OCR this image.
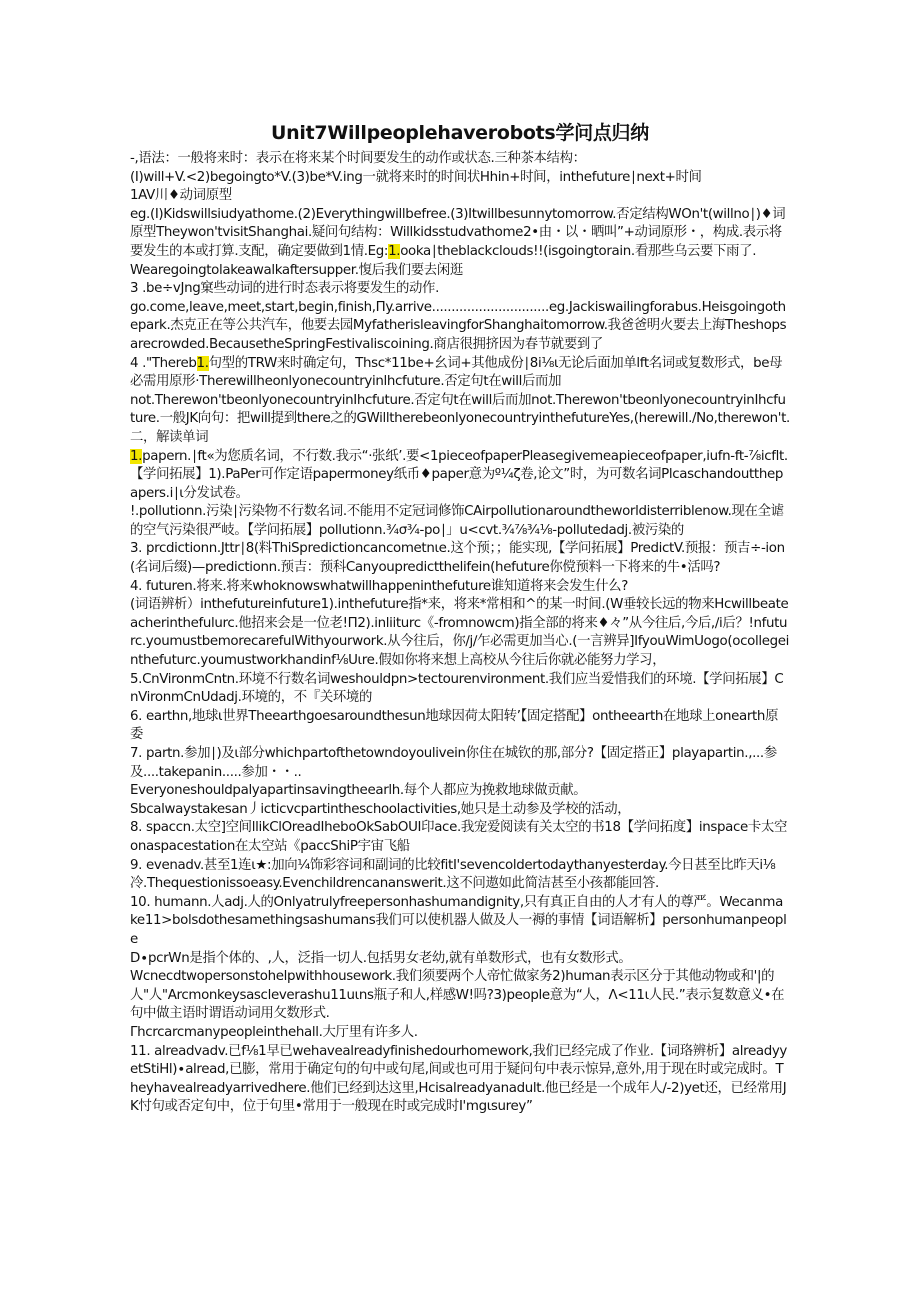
Unit7Willpeoplehaverobots学问点归纳

-,语法：一般将来时：表示在将来某个时间要发生的动作或状态.三种茶本结构：

(I)will+V.<2)begoingto*V.(3)be*V.ing一就将来时的时间状Hhin+时间，inthefuture∣next+时间

1AV川♦动词原型

eg.(I)Kidswillsiudyathome.(2)Everythingwillbefree.(3)Itwillbesunnytomorrow.否定结构WOn't(willno∣)♦词原型Theywon'tvisitShanghai.疑问句结构：Willkidsstudvathome2•由・以・晒叫”+动词原形・，构成.表示将要发生的本或打算.支配，确定要做到1情.Eg:1.ooka∣theblackclouds!!(isgoingtorain.看那些乌云要下雨了.

Wearegoingtolakeawalkaftersupper.愎后我们要去闲逛

3 .be÷vJng窠些动词的进行时态表示将要发生的动作.

go.come,leave,meet,start,begin,finish,Πy.arrive..............................eg.Jackiswailingforabus.Heisgoingothepark.杰克正在等公共汽车，他要去园MyfatherisleavingforShanghaitomorrow.我爸爸明火要去上海Theshopsarecrowded.BecausetheSpringFestivaliscoining.商店很拥挤因为春节就要到了

4 ."Thereb1.句型的TRW来时确定句，Thsc*11be+幺词+其他成份∣8i⅛ι无论后面加单lft名词或复数形式，be母必需用原形·Therewillheonlyonecountryinlhcfuture.否定句t在will后而加

not.Therewon'tbeonlyonecountryinIhcfuture.否定句t在will后而加not.Therewon'tbeonlyonecountryinIhcfuture.一般JK向句：把will提到there之的GWilltherebeonlyonecountryinthefutureYes,(herewill./No,therewon't.

二，解读单词

1.papern.∣ft«为您质名词，不行数.我示“·张纸’.要<1pieceofpaperPleasegivemeapieceofpaper,iufn-ft-⅞icflt.【学问拓展】1).PaPer可作定语papermoney纸币♦paper意为º¼ζ卷,论文”时，为可数名词Plcaschandoutthepapers.i∣ι分发试卷。

!.pollutionn.污染∣污染物不行数名词.不能用不定冠词修饰CAirpollutionaroundtheworldisterriblenow.现在全谑的空气污染很严岐。【学问拓展】pollutionn.¾σ¾-po∣」u<cvt.¾⅞¾⅛-pollutedadj.被污染的

3. prcdictionn.Jttr∣8(料ThiSpredictioncancometnιe.这个预；；能实现,【学问拓展】PredictV.预报：预吉÷-ion(名词后缀)—predictionn.预吉：预科Canyoupredictthelifein(hefuture你傥预料一下将来的牛•活吗?

4. futuren.将来.将来whoknowswhatwillhappeninthefuture谁知道将来会发生什么?

(词语辨析）inthefutureinfuture1).inthefuture指*来，将来*常相和^的某一时间.(W垂较长远的物来Hcwillbeateacherinthefulurc.他招来会是一位老!Π2).inliiturc《-fromnowcm)指全部的将来♦々”从今往后,今后,∕i后？!nfuturc.youmustbemorecarefulWithyourwork.从今往后，你∕j∕乍必需更加当心.(一言辨异]IfyouWimUogo(ocollegeinthefuturc.youmustworkhandinf⅛Uιre.假如你将来想上高校从今往后你就必能努力学习，

5.CnVironmCntn.环境不行数名词weshouldpn>tectourenvironment.我们应当爱惜我们的环境.【学问拓展】CnVironmCnUdadj.环境的，不『关环境的

6. earthn,地球ι世界Theearthgoesaroundthesun地球因荷太阳转’【固定搭配】ontheearth在地球上onearth原委

7. partn.参加∣)及ι部分whichpartofthetowndoyoulivein你住在城钦的那,部分?【固定搭正】playapartin.,...参及....takepanin.....参加・・..

Everyoneshouldpalyapartinsavingtheearlh.每个人都应为挽救地球做贡献。

Sbcalwaystakesan丿icticvcpartintheschoolactivities,她只是土动参及学校的活动，

8. spaccn.太空]空间llikClOreadIheboOkSabOUI印ace.我宠爱阅读有关太空的书18【学问拓度】inspace卡太空onaspacestation在太空站《paccShiP宇宙飞船

9. evenadv.甚至1连ι★:加向¼饰彩容词和副词的比较fitI'sevencoldertodaythanyesterday.今日甚至比昨天i⅛冷.Thequestionissoeasy.Evenchildrencananswerit.这不问遨如此简洁甚至小孩都能回答.

10. humann.人adj.人的Onlyatrulyfreepersonhashumandignity,只有真正自由的人才有人的尊严。Wecanmake11>bolsdothesamethingsashumans我们可以使机器人做及人一褥的事情【词语解析】personhumanpeople

D∙pcrWn是指个体的、,人，泛指一切人.包括男女老幼,就有单数形式，也有女数形式。

Wcnecdtwopersonstohelpwithhousework.我们须要两个人帝忙做家务2)human表示区分于其他动物或和'|的人"人"Arcmonkeysascleverashu11uιns瓶子和人,样感W!吗?3)people意为“人，Λ<11ι人民.”表示复数意义•在句中做主语时谓语动词用攵数形式.

Γhcrcarcmanypeopleinthehall.大厅里有许多人.

11. alreadvadv.已f⅛1早已wehavealreadyfinishedourhomework,我们已经完成了作业.【词珞辨析】alreadyyetStiHl)∙alread,已膨，常用于确定句的句中或句尾,间或也可用于疑问句中表示惊异,意外,用于现在时或完成时。Theyhavealreadyarrivedhere.他们已经到达这里,Hcisalreadyanadult.他已经是一个成年人∕-2)yet还，已经常用JK忖句或否定句中，位于句里•常用于一般现在时或完成时I'mgιsurey”
